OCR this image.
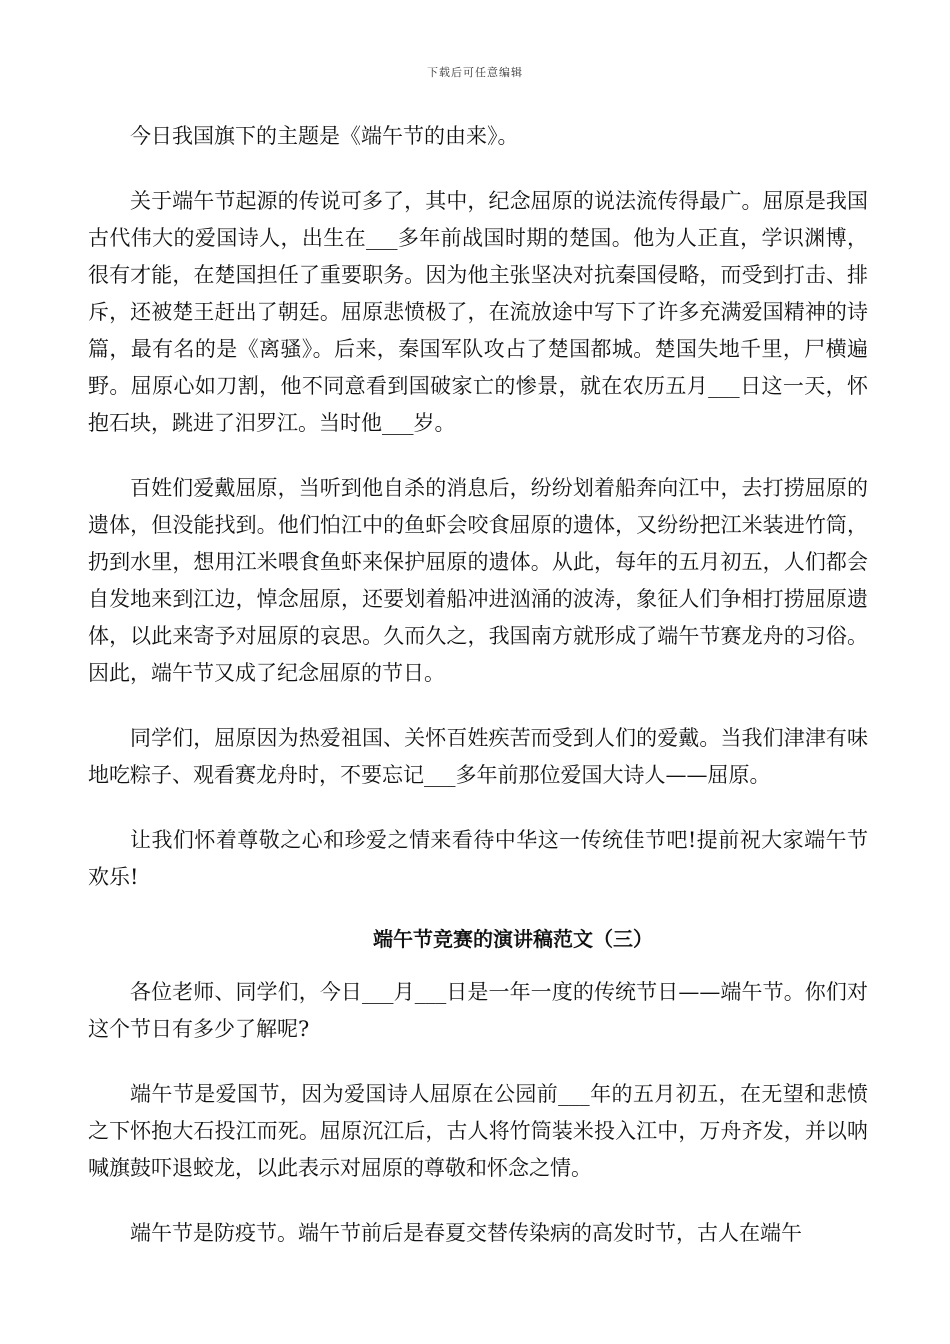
下载后可任意编辑

今日我国旗下的主题是《端午节的由来》。

关于端午节起源的传说可多了，其中，纪念屈原的说法流传得最广。屈原是我国古代伟大的爱国诗人，出生在___多年前战国时期的楚国。他为人正直，学识渊博，很有才能，在楚国担任了重要职务。因为他主张坚决对抗秦国侵略，而受到打击、排斥，还被楚王赶出了朝廷。屈原悲愤极了，在流放途中写下了许多充满爱国精神的诗篇，最有名的是《离骚》。后来，秦国军队攻占了楚国都城。楚国失地千里，尸横遍野。屈原心如刀割，他不同意看到国破家亡的惨景，就在农历五月___日这一天，怀抱石块，跳进了汨罗江。当时他___岁。

百姓们爱戴屈原，当听到他自杀的消息后，纷纷划着船奔向江中，去打捞屈原的遗体，但没能找到。他们怕江中的鱼虾会咬食屈原的遗体，又纷纷把江米装进竹筒，扔到水里，想用江米喂食鱼虾来保护屈原的遗体。从此，每年的五月初五，人们都会自发地来到江边，悼念屈原，还要划着船冲进汹涌的波涛，象征人们争相打捞屈原遗体，以此来寄予对屈原的哀思。久而久之，我国南方就形成了端午节赛龙舟的习俗。因此，端午节又成了纪念屈原的节日。

同学们，屈原因为热爱祖国、关怀百姓疾苦而受到人们的爱戴。当我们津津有味地吃粽子、观看赛龙舟时，不要忘记___多年前那位爱国大诗人——屈原。

让我们怀着尊敬之心和珍爱之情来看待中华这一传统佳节吧!提前祝大家端午节欢乐!

端午节竞赛的演讲稿范文（三）

各位老师、同学们，今日___月___日是一年一度的传统节日——端午节。你们对这个节日有多少了解呢?

端午节是爱国节，因为爱国诗人屈原在公园前___年的五月初五，在无望和悲愤之下怀抱大石投江而死。屈原沉江后，古人将竹筒装米投入江中，万舟齐发，并以呐喊旗鼓吓退蛟龙，以此表示对屈原的尊敬和怀念之情。

端午节是防疫节。端午节前后是春夏交替传染病的高发时节，古人在端午
